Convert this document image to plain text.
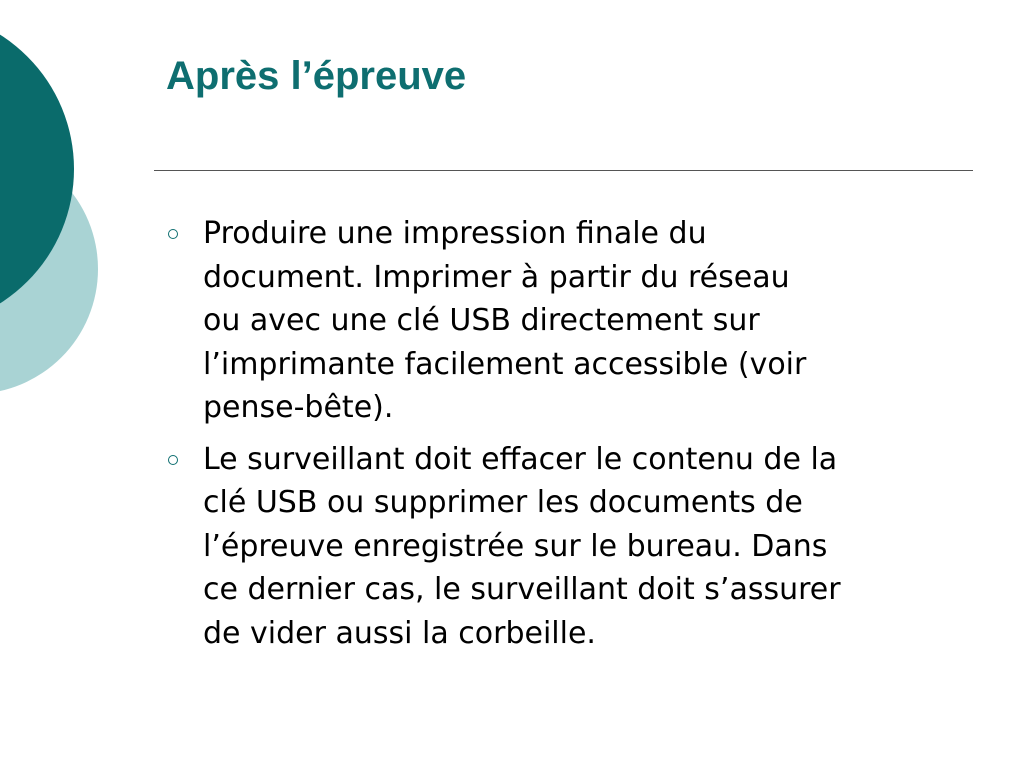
Après l’épreuve
Produire une impression finale du
document. Imprimer à partir du réseau
ou avec une clé USB directement sur
l’imprimante facilement accessible (voir
pense-bête).
Le surveillant doit effacer le contenu de la
clé USB ou supprimer les documents de
l’épreuve enregistrée sur le bureau. Dans
ce dernier cas, le surveillant doit s’assurer
de vider aussi la corbeille.
